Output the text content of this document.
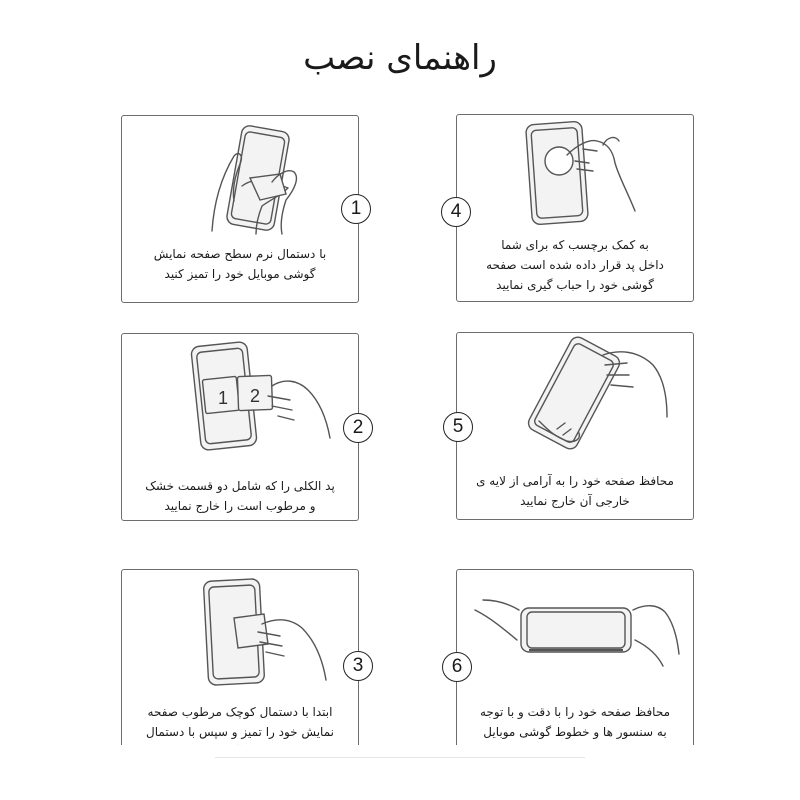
راهنمای نصب
با دستمال نرم سطح صفحه نمایش
گوشی موبایل خود را تمیز کنید
1
به کمک برچسب که برای شما
داخل پد قرار داده شده است صفحه
گوشی خود را حباب گیری نمایید
4
1 2
پد الکلی را که شامل دو قسمت خشک
و مرطوب است را خارج نمایید
2
محافظ صفحه خود را به آرامی از لایه ی
خارجی آن خارج نمایید
5
ابتدا با دستمال کوچک مرطوب صفحه
نمایش خود را تمیز و سپس با دستمال

3
محافظ صفحه خود را با دقت و با توجه
به سنسور ها و خطوط گوشی موبایل

6
